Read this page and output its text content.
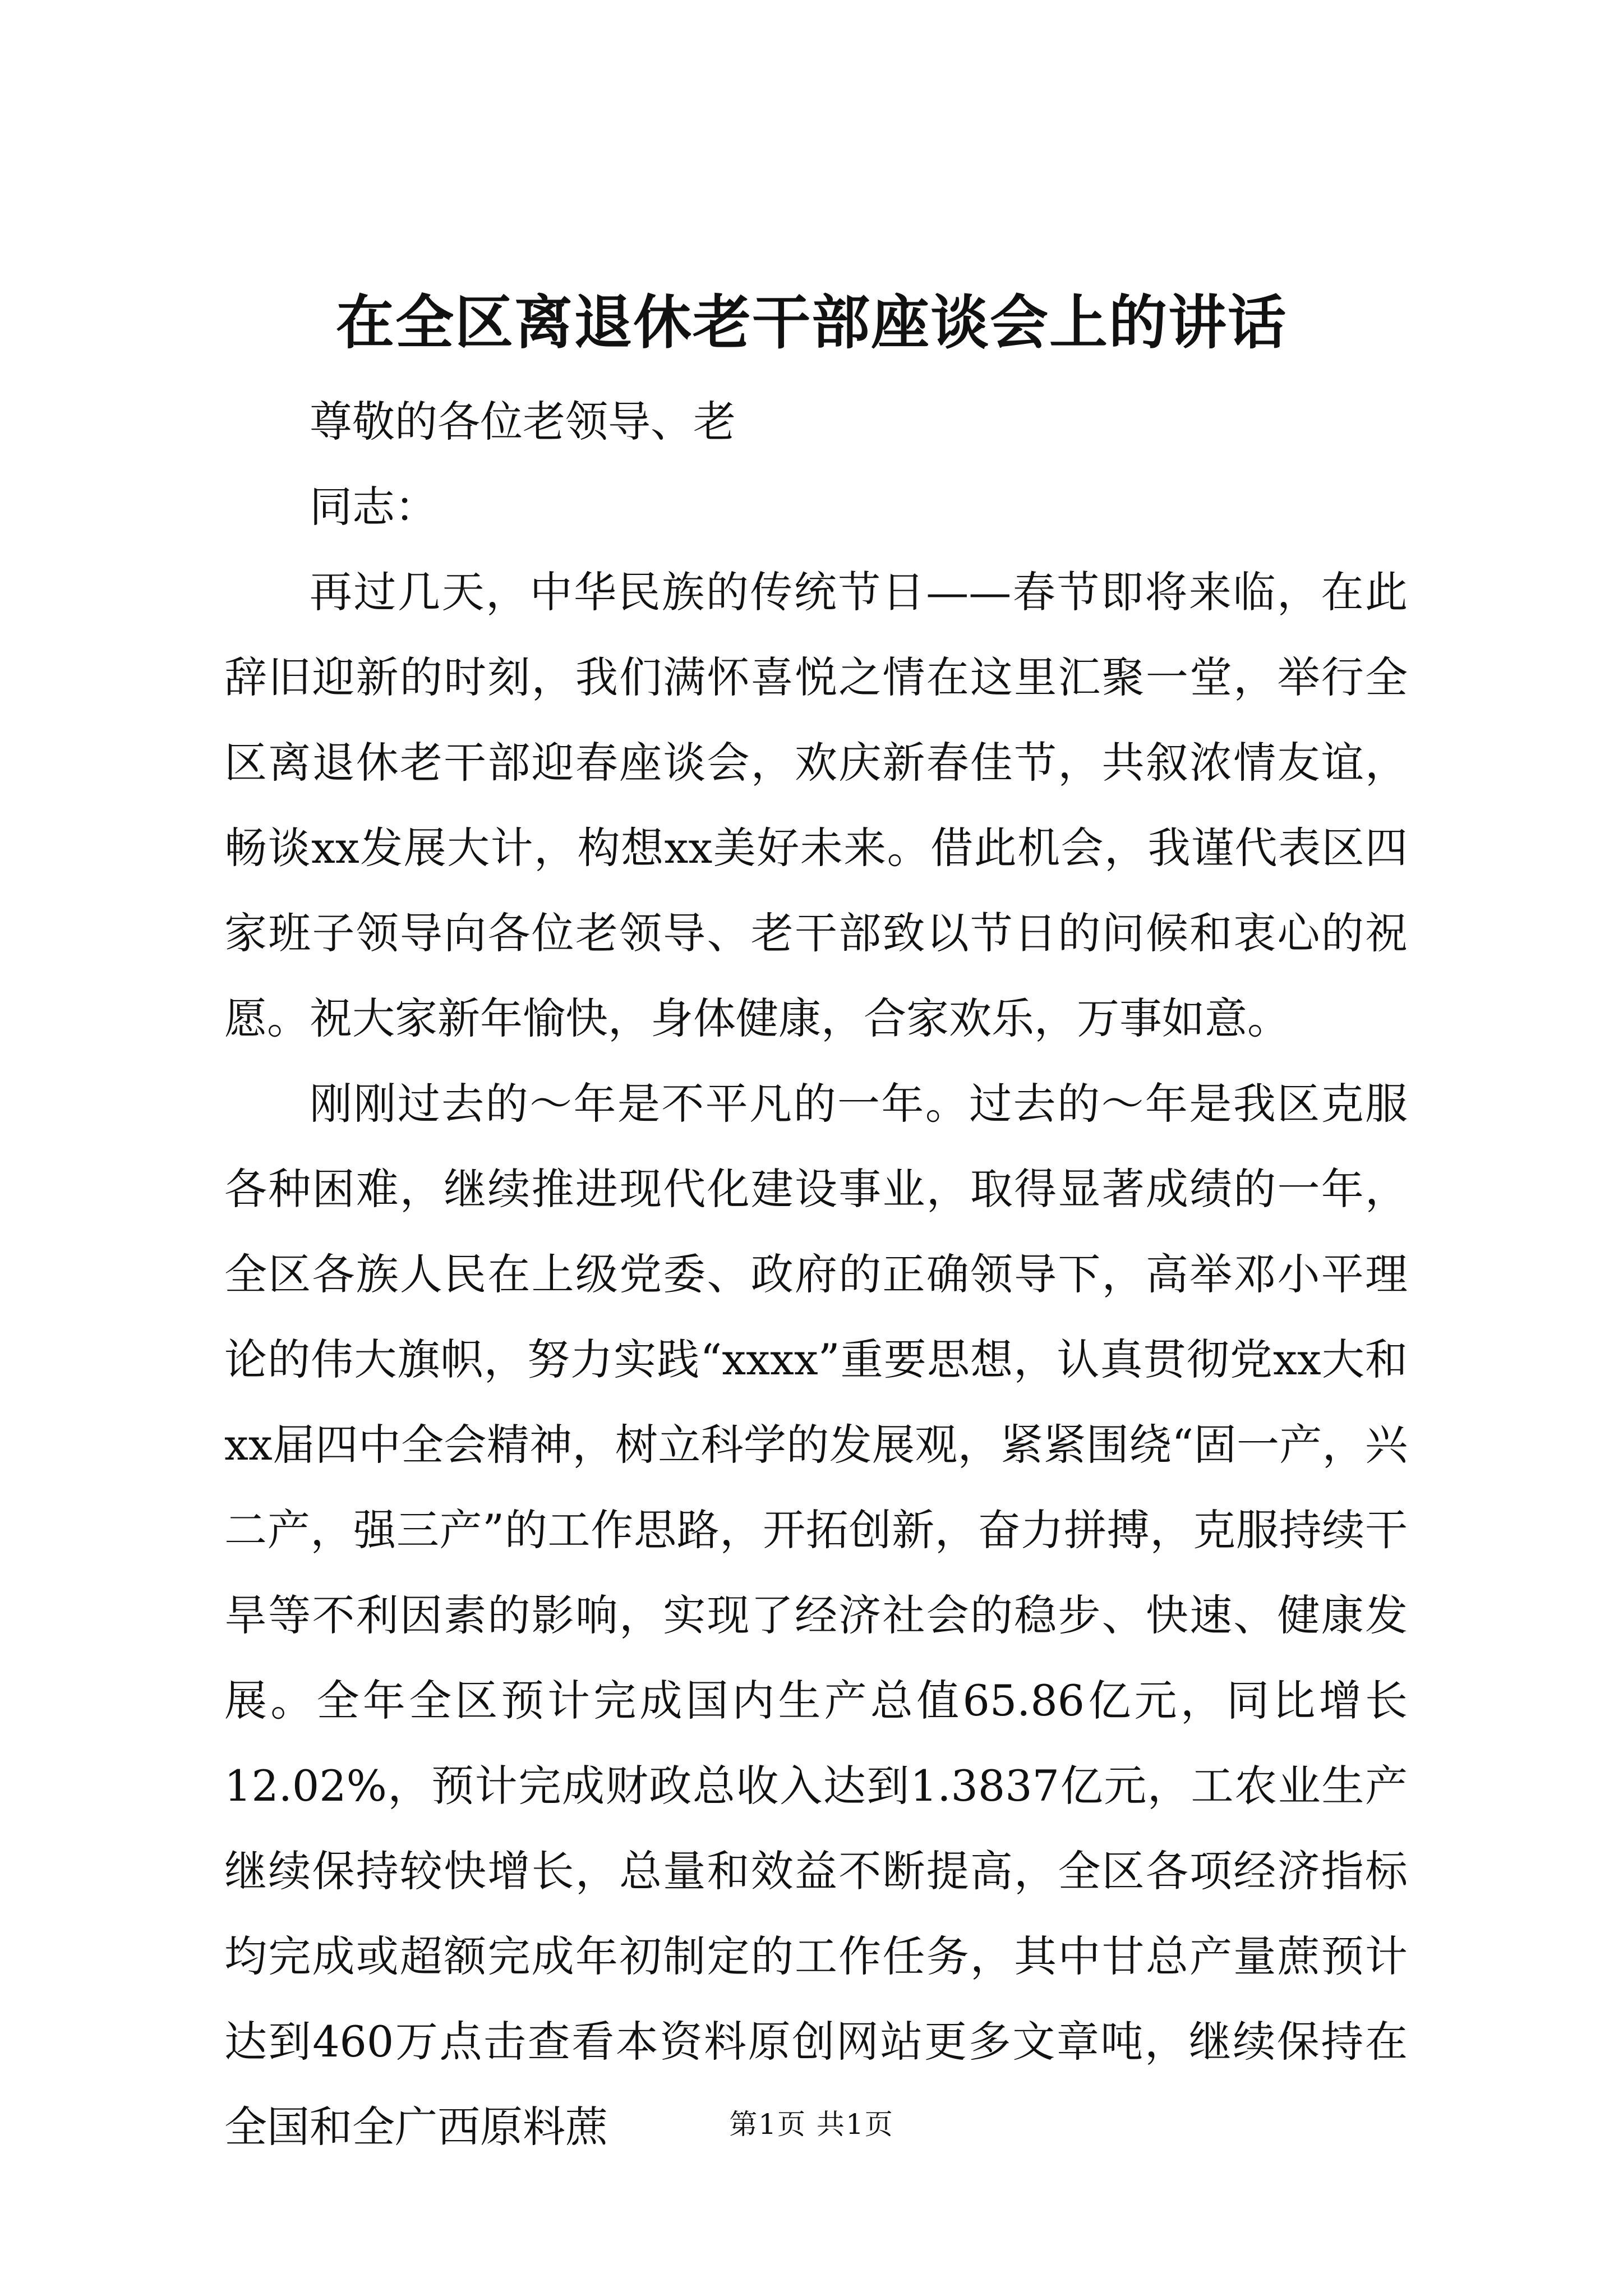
在全区离退休老干部座谈会上的讲话

尊敬的各位老领导、老

同志：

再过几天，中华民族的传统节日——春节即将来临，在此辞旧迎新的时刻，我们满怀喜悦之情在这里汇聚一堂，举行全区离退休老干部迎春座谈会，欢庆新春佳节，共叙浓情友谊，畅谈xx发展大计，构想xx美好未来。借此机会，我谨代表区四家班子领导向各位老领导、老干部致以节日的问候和衷心的祝愿。祝大家新年愉快，身体健康，合家欢乐，万事如意。

刚刚过去的～年是不平凡的一年。过去的～年是我区克服各种困难，继续推进现代化建设事业，取得显著成绩的一年，全区各族人民在上级党委、政府的正确领导下，高举邓小平理论的伟大旗帜，努力实践“xxxx”重要思想，认真贯彻党xx大和xx届四中全会精神，树立科学的发展观，紧紧围绕“固一产，兴二产，强三产”的工作思路，开拓创新，奋力拼搏，克服持续干旱等不利因素的影响，实现了经济社会的稳步、快速、健康发展。全年全区预计完成国内生产总值65.86亿元，同比增长12.02%，预计完成财政总收入达到1.3837亿元，工农业生产继续保持较快增长，总量和效益不断提高，全区各项经济指标均完成或超额完成年初制定的工作任务，其中甘总产量蔗预计达到460万点击查看本资料原创网站更多文章吨，继续保持在全国和全广西原料蔗	第1页 共1页
